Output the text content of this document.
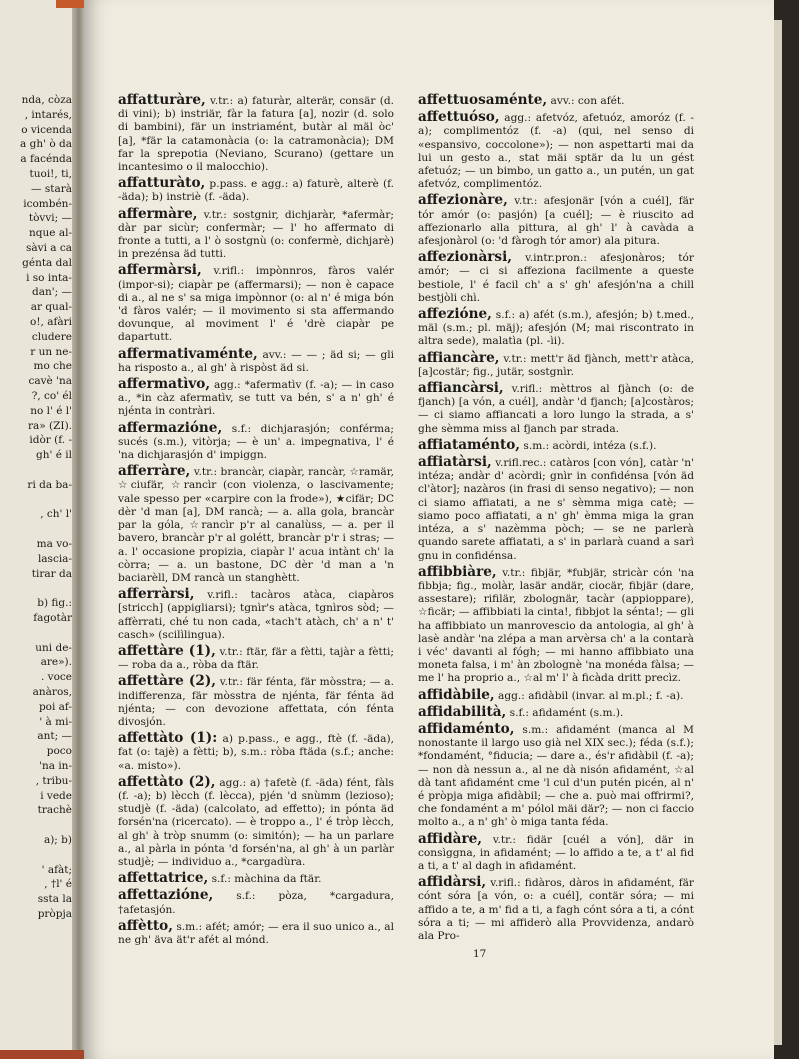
nda, còza
, intarés,
o vicenda
a gh' ò da
a facénda
tuoi!, ti,
— starà
icombén-
tòvvi; —
nque al-
sàvi a ca
génta dal
i so inta-
dan'; —
ar qual-
o!, afàri
cludere
r un ne-
mo che
cavè 'na
?, co' él
no l' é l'
ra» (ZI).
idòr (f. -
gh' é il
ri da ba-
, ch' l'
ma vo-
lascia-
tirar da
b) fig.:
fagotàr
uni de-
are»).
. voce
anàros,
poi af-
' à mi-
ant; —
poco
'na in-
, tribu-
i vede
trachè
a); b)
' afàt;
, †l' é
ssta la
pròpja
affatturàre, v.tr.: a) faturàr, alterär, consär (d. di vini); b) instriär, fàr la fatura [a], nozir (d. solo di bambini), fär un instriamént, butàr al mäl òc' [a], *fär la catamonàcia (o: la catramonàcia); DM far la sprepotia (Neviano, Scurano) (gettare un incantesimo o il malocchio).
affatturàto, p.pass. e agg.: a) faturè, alterè (f. -äda); b) instriè (f. -äda).
affermàre, v.tr.: sostgnir, dichjaràr, *afermàr; dàr par sicùr; confermàr; — l' ho affermato di fronte a tutti, a l' ò sostgnù (o: confermè, dichjarè) in prezénsa äd tutti.
affermàrsi, v.rifl.: impònnros, fàros valér (impor-si); ciapàr pe (affermarsi); — non è capace di a., al ne s' sa miga impònnor (o: al n' é miga bón 'd fàros valér; — il movimento si sta affermando dovunque, al moviment l' é 'drè ciapàr pe dapartutt.
affermativaménte, avv.: — — ; äd si; — gli ha risposto a., al gh' à rispòst äd si.
affermatìvo, agg.: *afermatìv (f. -a); — in caso a., *in càz afermatìv, se tutt va bén, s' a n' gh' é njénta in contràri.
affermazióne, s.f.: dichjarasjón; conférma; sucés (s.m.), vitòrja; — è un' a. impegnativa, l' é 'na dichjarasjón d' impiggn.
afferràre, v.tr.: brancàr, ciapàr, rancàr, ☆ramär, ☆ciufär, ☆rancìr (con violenza, o lascivamente; vale spesso per «carpire con la frode»), ★cifär; DC dèr 'd man [a], DM rancà; — a. alla gola, brancàr par la góla, ☆rancìr p'r al canalùss, — a. per il bavero, brancàr p'r al golétt, brancàr p'r i stras; — a. l' occasione propizia, ciapàr l' acua intànt ch' la còrra; — a. un bastone, DC dèr 'd man a 'n baciarèll, DM rancà un stanghètt.
afferràrsi, v.rifl.: tacàros atàca, ciapàros [stricch] (appigliarsi); tgnìr's atàca, tgnìros sòd; — affèrrati, ché tu non cada, «tach't atàch, ch' a n' t' casch» (scilìlingua).
affettàre (1), v.tr.: ftär, fär a fètti, tajàr a fètti; — roba da a., ròba da ftär.
affettàre (2), v.tr.: fär fénta, fär mòsstra; — a. indifferenza, fär mòsstra de njénta, fär fénta äd njénta; — con devozione affettata, cón fénta divosjón.
affettàto (1): a) p.pass., e agg., ftè (f. -äda), fat (o: tajè) a fètti; b), s.m.: ròba ftäda (s.f.; anche: «a. misto»).
affettàto (2), agg.: a) †afetè (f. -äda) fént, fàls (f. -a); b) lècch (f. lècca), pjén 'd snùmm (lezioso); studjè (f. -äda) (calcolato, ad effetto); in pónta äd forsén'na (ricercato). — è troppo a., l' é tròp lècch, al gh' à tròp snumm (o: simitón); — ha un parlare a., al pàrla in pónta 'd forsén'na, al gh' à un parlàr studjè; — individuo a., *cargadùra.
affettatrice, s.f.: màchina da ftär.
affettazióne, s.f.: pòza, *cargadura, †afetasjón.
affètto, s.m.: afét; amór; — era il suo unico a., al ne gh' äva ät'r afét al mónd.
affettuosaménte, avv.: con afét.
affettuóso, agg.: afetvóz, afetuóz, amoróz (f. -a); complimentóz (f. -a) (qui, nel senso di «espansivo, coccolone»); — non aspettarti mai da lui un gesto a., stat mäi sptär da lu un gést afetuóz; — un bimbo, un gatto a., un putén, un gat afetvóz, complimentóz.
affezionàre, v.tr.: afesjonär [vón a cuél], fär tór amór (o: pasjón) [a cuél]; — è riuscito ad affezionarlo alla pittura, al gh' l' à cavàda a afesjonàrol (o: 'd fàrogh tór amor) ala pitura.
affezionàrsi, v.intr.pron.: afesjonàros; tór amór; — ci si affeziona facilmente a queste bestiole, l' é facil ch' a s' gh' afesjón'na a chill bestjòli chì.
affezióne, s.f.: a) afét (s.m.), afesjón; b) t.med., mäl (s.m.; pl. mäj); afesjón (M; mai riscontrato in altra sede), malatìa (pl. -ìi).
affiancàre, v.tr.: mett'r äd fjànch, mett'r atàca, [a]costär; fig., jutär, sostgnìr.
affiancàrsi, v.rifl.: mèttros al fjànch (o: de fjanch) [a vón, a cuél], andàr 'd fjanch; [a]costàros; — ci siamo affiancati a loro lungo la strada, a s' ghe sèmma miss al fjanch par strada.
affiataménto, s.m.: acòrdi, intéza (s.f.).
affiatàrsi, v.rifl.rec.: catàros [con vón], catàr 'n' intéza; andàr d' acòrdi; gnìr in confidénsa [vón äd cl'àtor]; nazàros (in frasi di senso negativo); — non ci siamo affiatati, a ne s' sèmma miga catè; — siamo poco affiatati, a n' gh' èmma miga la gran intéza, a s' nazèmma pòch; — se ne parlerà quando sarete affiatati, a s' in parlarà cuand a sarì gnu in confidénsa.
affibbiàre, v.tr.: fibjär, *fubjär, stricàr cón 'na fibbja; fig., molàr, lasär andär, ciocär, fibjär (dare, assestare); rifilär, zbolognär, tacàr (appioppare), ☆ficär; — affibbiati la cinta!, fibbjot la sénta!; — gli ha affibbiato un manrovescio da antologia, al gh' à lasè andàr 'na zlépa a man arvèrsa ch' a la contarà i véc' davanti al fógh; — mi hanno affibbiato una moneta falsa, i m' àn zbolognè 'na monéda fàlsa; — me l' ha proprio a., ☆al m' l' à ficàda dritt precìz.
affidàbile, agg.: afidàbil (invar. al m.pl.; f. -a).
affidabilità, s.f.: afidamént (s.m.).
affidaménto, s.m.: afidamént (manca al M nonostante il largo uso già nel XIX sec.); féda (s.f.); *fondamént, °fiducia; — dare a., és'r afidàbil (f. -a); — non dà nessun a., al ne dà nisón afidamént, ☆al dà tant afidamént cme 'l cul d'un putén picén, al n' é pròpja miga afidàbil; — che a. può mai offrirmi?, che fondamént a m' pólol mäi där?; — non ci faccio molto a., a n' gh' ò miga tanta féda.
affidàre, v.tr.: fidär [cuél a vón], där in consìggna, in afidamént; — lo affido a te, a t' al fid a ti, a t' al dagh in afidamént.
affidàrsi, v.rifl.: fidàros, dàros in afidamént, fär cónt sóra [a vón, o: a cuél], contär sóra; — mi affido a te, a m' fid a ti, a fagh cónt sóra a ti, a cónt sóra a ti; — mi affiderò alla Provvidenza, andarò ala Pro-
17
